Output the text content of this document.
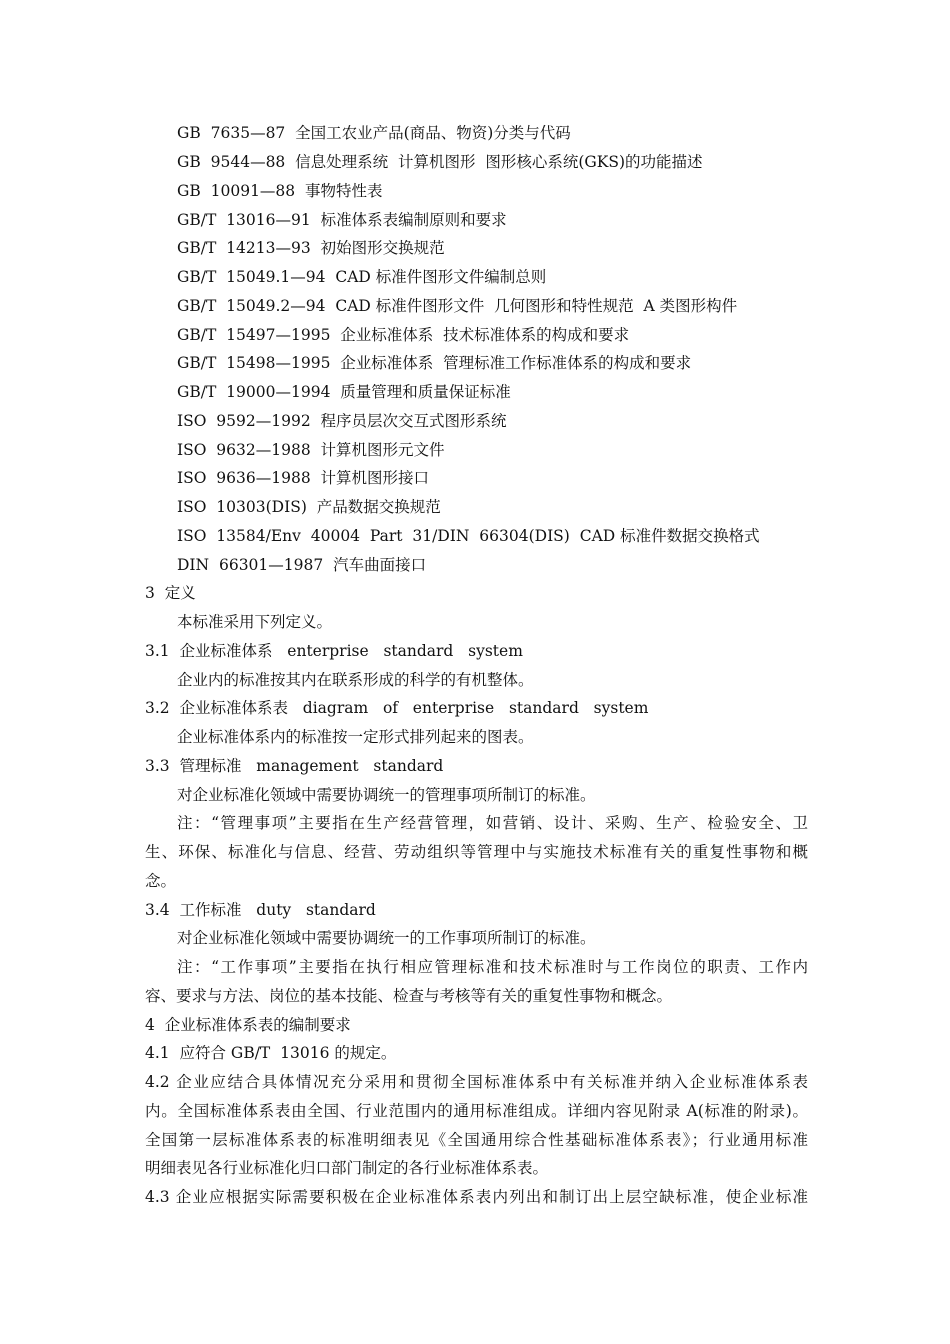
GB  7635—87  全国工农业产品(商品、物资)分类与代码
GB  9544—88  信息处理系统  计算机图形  图形核心系统(GKS)的功能描述
GB  10091—88  事物特性表
GB/T  13016—91  标准体系表编制原则和要求
GB/T  14213—93  初始图形交换规范
GB/T  15049.1—94  CAD 标准件图形文件编制总则
GB/T  15049.2—94  CAD 标准件图形文件  几何图形和特性规范  A 类图形构件
GB/T  15497—1995  企业标准体系  技术标准体系的构成和要求
GB/T  15498—1995  企业标准体系  管理标准工作标准体系的构成和要求
GB/T  19000—1994  质量管理和质量保证标准
ISO  9592—1992  程序员层次交互式图形系统
ISO  9632—1988  计算机图形元文件
ISO  9636—1988  计算机图形接口
ISO  10303(DIS)  产品数据交换规范
ISO  13584/Env  40004  Part  31/DIN  66304(DIS)  CAD 标准件数据交换格式
DIN  66301—1987  汽车曲面接口
3  定义
本标准采用下列定义。
3.1  企业标准体系   enterprise   standard   system
企业内的标准按其内在联系形成的科学的有机整体。
3.2  企业标准体系表   diagram   of   enterprise   standard   system
企业标准体系内的标准按一定形式排列起来的图表。
3.3  管理标准   management   standard
对企业标准化领域中需要协调统一的管理事项所制订的标准。
注：“管理事项”主要指在生产经营管理，如营销、设计、采购、生产、检验安全、卫
生、环保、标准化与信息、经营、劳动组织等管理中与实施技术标准有关的重复性事物和概
念。
3.4  工作标准   duty   standard
对企业标准化领域中需要协调统一的工作事项所制订的标准。
注：“工作事项”主要指在执行相应管理标准和技术标准时与工作岗位的职责、工作内
容、要求与方法、岗位的基本技能、检查与考核等有关的重复性事物和概念。
4  企业标准体系表的编制要求
4.1  应符合 GB/T  13016 的规定。
4.2 企业应结合具体情况充分采用和贯彻全国标准体系中有关标准并纳入企业标准体系表
内。全国标准体系表由全国、行业范围内的通用标准组成。详细内容见附录 A(标准的附录)。
全国第一层标准体系表的标准明细表见《全国通用综合性基础标准体系表》；行业通用标准
明细表见各行业标准化归口部门制定的各行业标准体系表。
4.3 企业应根据实际需要积极在企业标准体系表内列出和制订出上层空缺标准，使企业标准
